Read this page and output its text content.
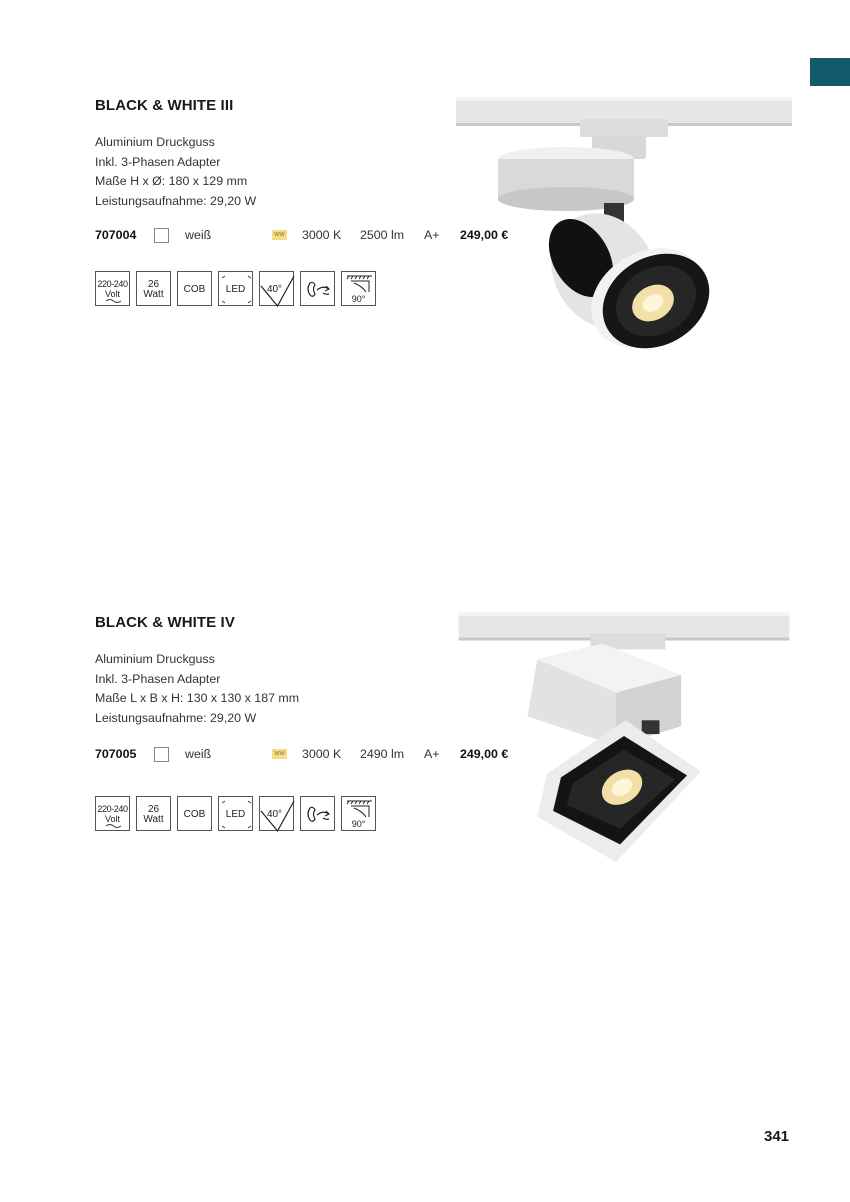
BLACK & WHITE III
Aluminium Druckguss
Inkl. 3-Phasen Adapter
Maße H x Ø: 180 x 129 mm
Leistungsaufnahme: 29,20 W
707004	weiß	WW 3000 K 2500 lm A+ 249,00 €
220-240
Volt
26
Watt	COB	LED	40°
90°
BLACK & WHITE IV
Aluminium Druckguss
Inkl. 3-Phasen Adapter
Maße L x B x H: 130 x 130 x 187 mm
Leistungsaufnahme: 29,20 W
707005	weiß	WW 3000 K 2490 lm A+ 249,00 €
220-240
Volt
26
Watt	COB	LED	40°
90°
341
